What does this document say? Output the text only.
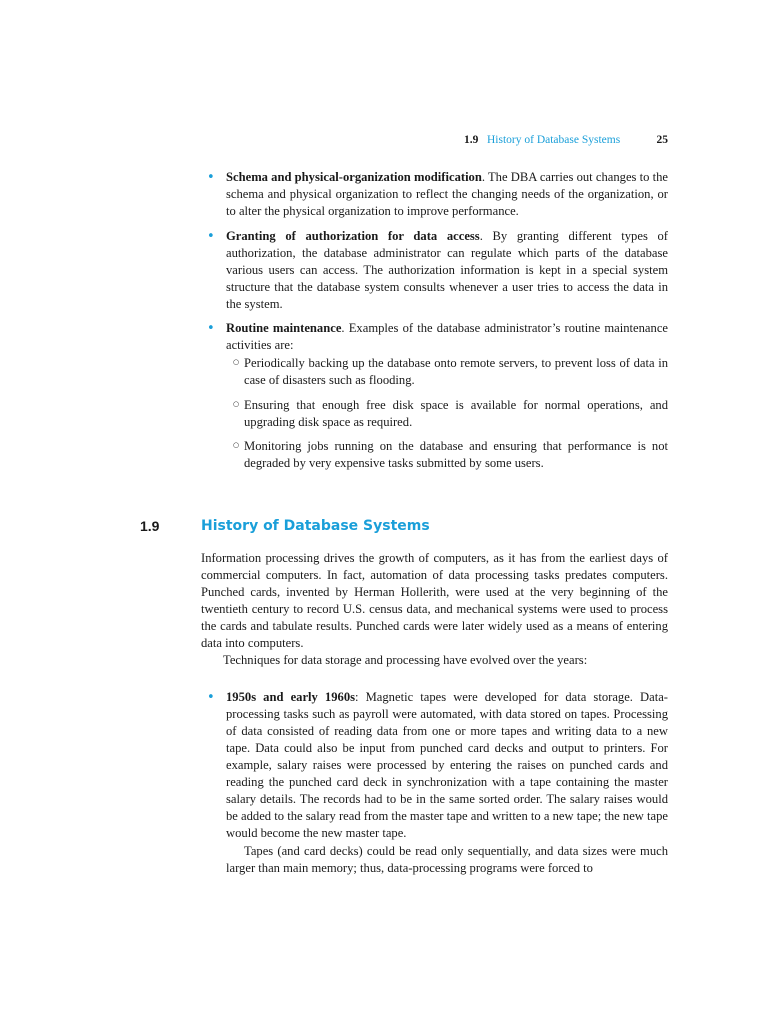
1.9 History of Database Systems	25
• Schema and physical-organization modification. The DBA carries out changes to the schema and physical organization to reflect the changing needs of the organization, or to alter the physical organization to improve performance.
• Granting of authorization for data access. By granting different types of authorization, the database administrator can regulate which parts of the database various users can access. The authorization information is kept in a special system structure that the database system consults whenever a user tries to access the data in the system.
• Routine maintenance. Examples of the database administrator’s routine maintenance activities are:
○ Periodically backing up the database onto remote servers, to prevent loss of data in case of disasters such as flooding.
○ Ensuring that enough free disk space is available for normal operations, and upgrading disk space as required.
○ Monitoring jobs running on the database and ensuring that performance is not degraded by very expensive tasks submitted by some users.
1.9	History of Database Systems
Information processing drives the growth of computers, as it has from the earliest days of commercial computers. In fact, automation of data processing tasks predates computers. Punched cards, invented by Herman Hollerith, were used at the very beginning of the twentieth century to record U.S. census data, and mechanical systems were used to process the cards and tabulate results. Punched cards were later widely used as a means of entering data into computers.
Techniques for data storage and processing have evolved over the years:
• 1950s and early 1960s: Magnetic tapes were developed for data storage. Data-processing tasks such as payroll were automated, with data stored on tapes. Processing of data consisted of reading data from one or more tapes and writing data to a new tape. Data could also be input from punched card decks and output to printers. For example, salary raises were processed by entering the raises on punched cards and reading the punched card deck in synchronization with a tape containing the master salary details. The records had to be in the same sorted order. The salary raises would be added to the salary read from the master tape and written to a new tape; the new tape would become the new master tape.
Tapes (and card decks) could be read only sequentially, and data sizes were much larger than main memory; thus, data-processing programs were forced to
